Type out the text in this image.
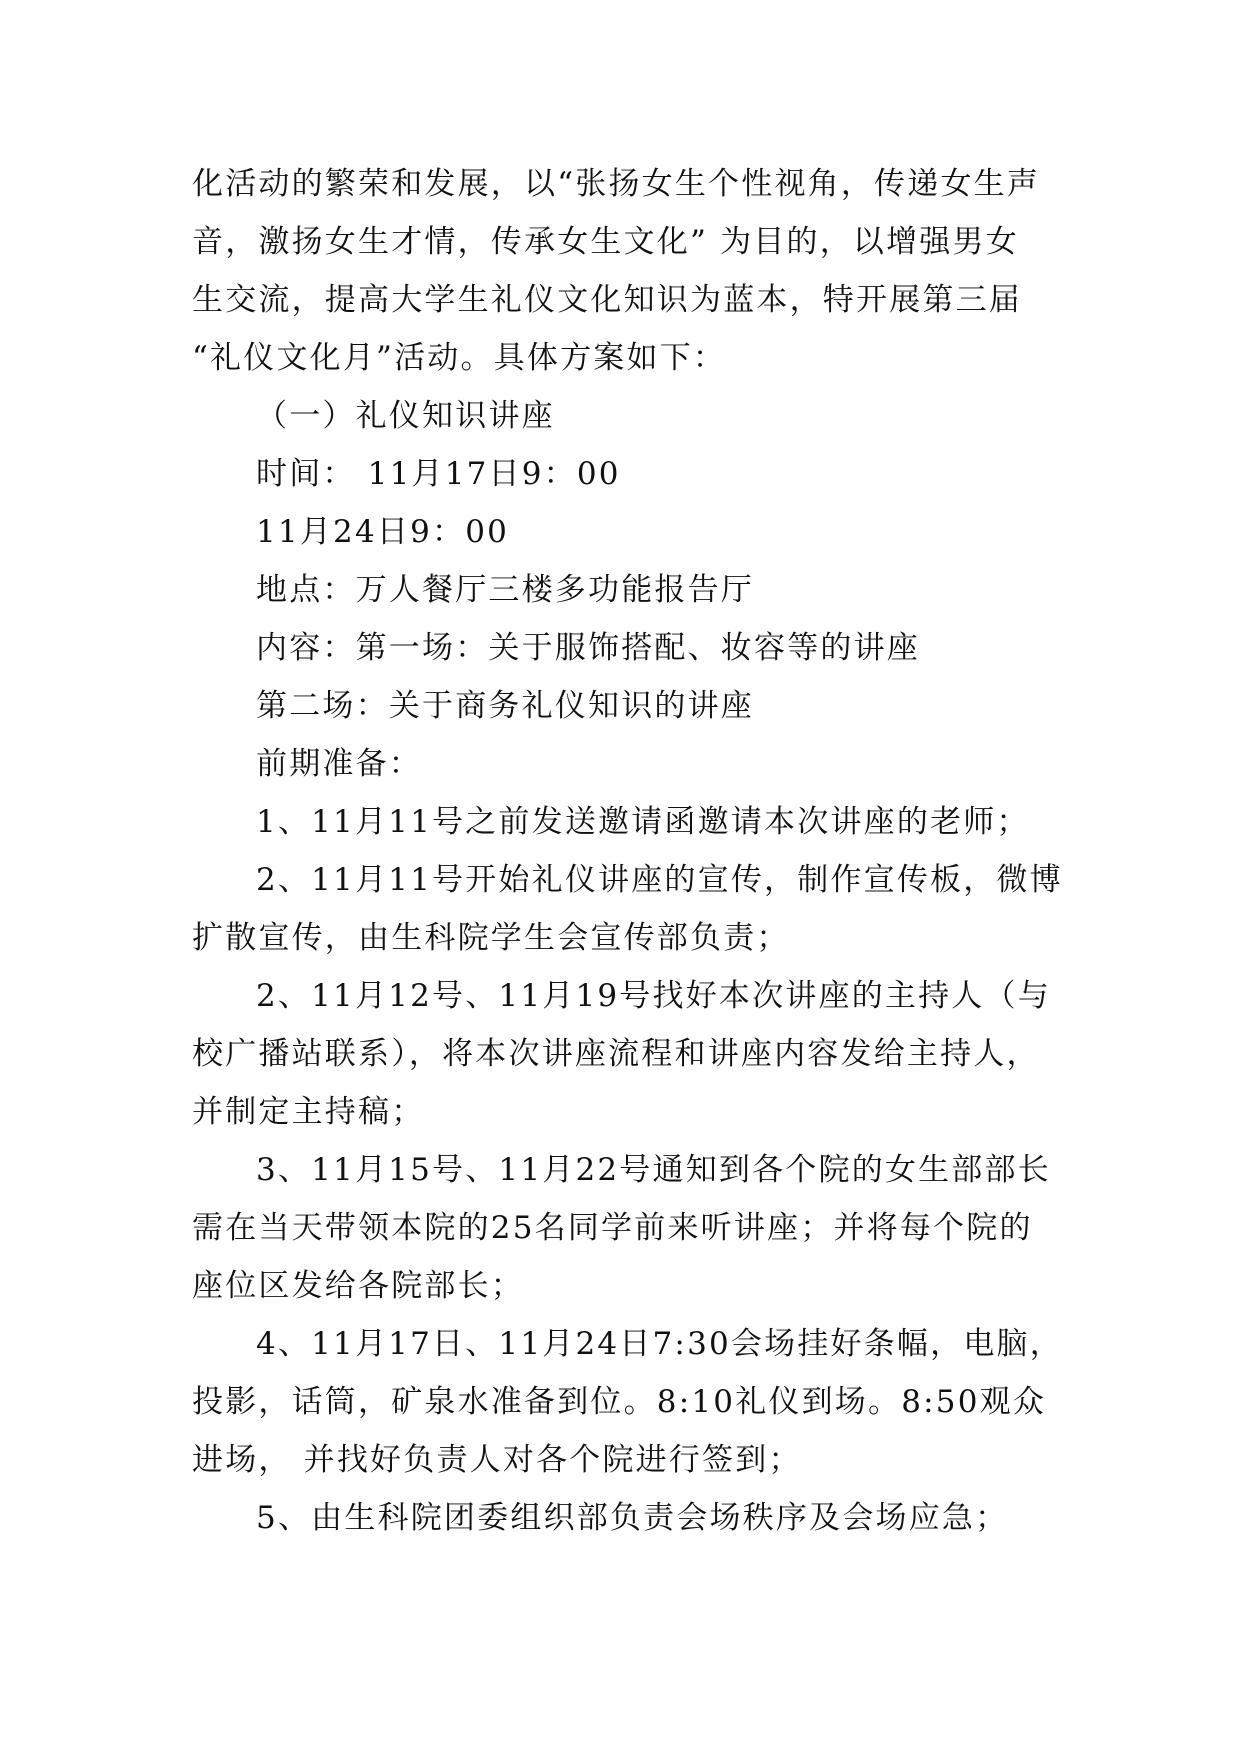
化活动的繁荣和发展，以“张扬女生个性视角，传递女生声
音，激扬女生才情，传承女生文化” 为目的，以增强男女
生交流，提高大学生礼仪文化知识为蓝本，特开展第三届
“礼仪文化月”活动。具体方案如下：
（一）礼仪知识讲座
时间： 11月17日9：00
11月24日9：00
地点：万人餐厅三楼多功能报告厅
内容：第一场：关于服饰搭配、妆容等的讲座
第二场：关于商务礼仪知识的讲座
前期准备：
1、11月11号之前发送邀请函邀请本次讲座的老师；
2、11月11号开始礼仪讲座的宣传，制作宣传板，微博
扩散宣传，由生科院学生会宣传部负责；
2、11月12号、11月19号找好本次讲座的主持人（与
校广播站联系），将本次讲座流程和讲座内容发给主持人，
并制定主持稿；
3、11月15号、11月22号通知到各个院的女生部部长
需在当天带领本院的25名同学前来听讲座；并将每个院的
座位区发给各院部长；
4、11月17日、11月24日7:30会场挂好条幅，电脑，
投影，话筒，矿泉水准备到位。8:10礼仪到场。8:50观众
进场， 并找好负责人对各个院进行签到；
5、由生科院团委组织部负责会场秩序及会场应急；
